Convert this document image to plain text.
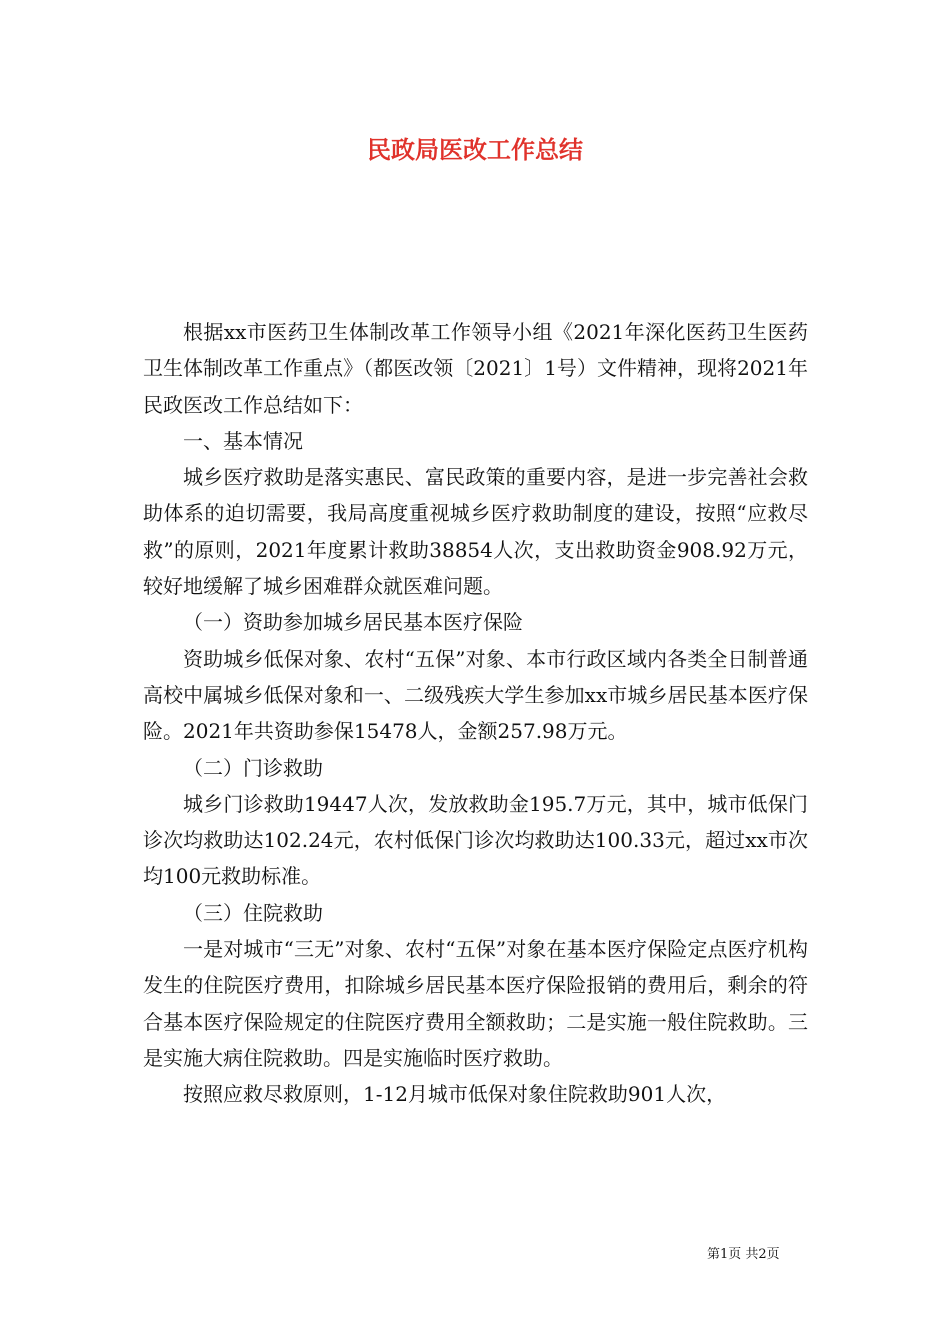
民政局医改工作总结

根据xx市医药卫生体制改革工作领导小组《2021年深化医药卫生医药卫生体制改革工作重点》（都医改领〔2021〕1号）文件精神，现将2021年民政医改工作总结如下：

一、基本情况

城乡医疗救助是落实惠民、富民政策的重要内容，是进一步完善社会救助体系的迫切需要，我局高度重视城乡医疗救助制度的建设，按照“应救尽救”的原则，2021年度累计救助38854人次，支出救助资金908.92万元，较好地缓解了城乡困难群众就医难问题。

（一）资助参加城乡居民基本医疗保险

资助城乡低保对象、农村“五保”对象、本市行政区域内各类全日制普通高校中属城乡低保对象和一、二级残疾大学生参加xx市城乡居民基本医疗保险。2021年共资助参保15478人，金额257.98万元。

（二）门诊救助

城乡门诊救助19447人次，发放救助金195.7万元，其中，城市低保门诊次均救助达102.24元，农村低保门诊次均救助达100.33元，超过xx市次均100元救助标准。

（三）住院救助

一是对城市“三无”对象、农村“五保”对象在基本医疗保险定点医疗机构发生的住院医疗费用，扣除城乡居民基本医疗保险报销的费用后，剩余的符合基本医疗保险规定的住院医疗费用全额救助；二是实施一般住院救助。三是实施大病住院救助。四是实施临时医疗救助。

按照应救尽救原则，1-12月城市低保对象住院救助901人次，

第1页 共2页
